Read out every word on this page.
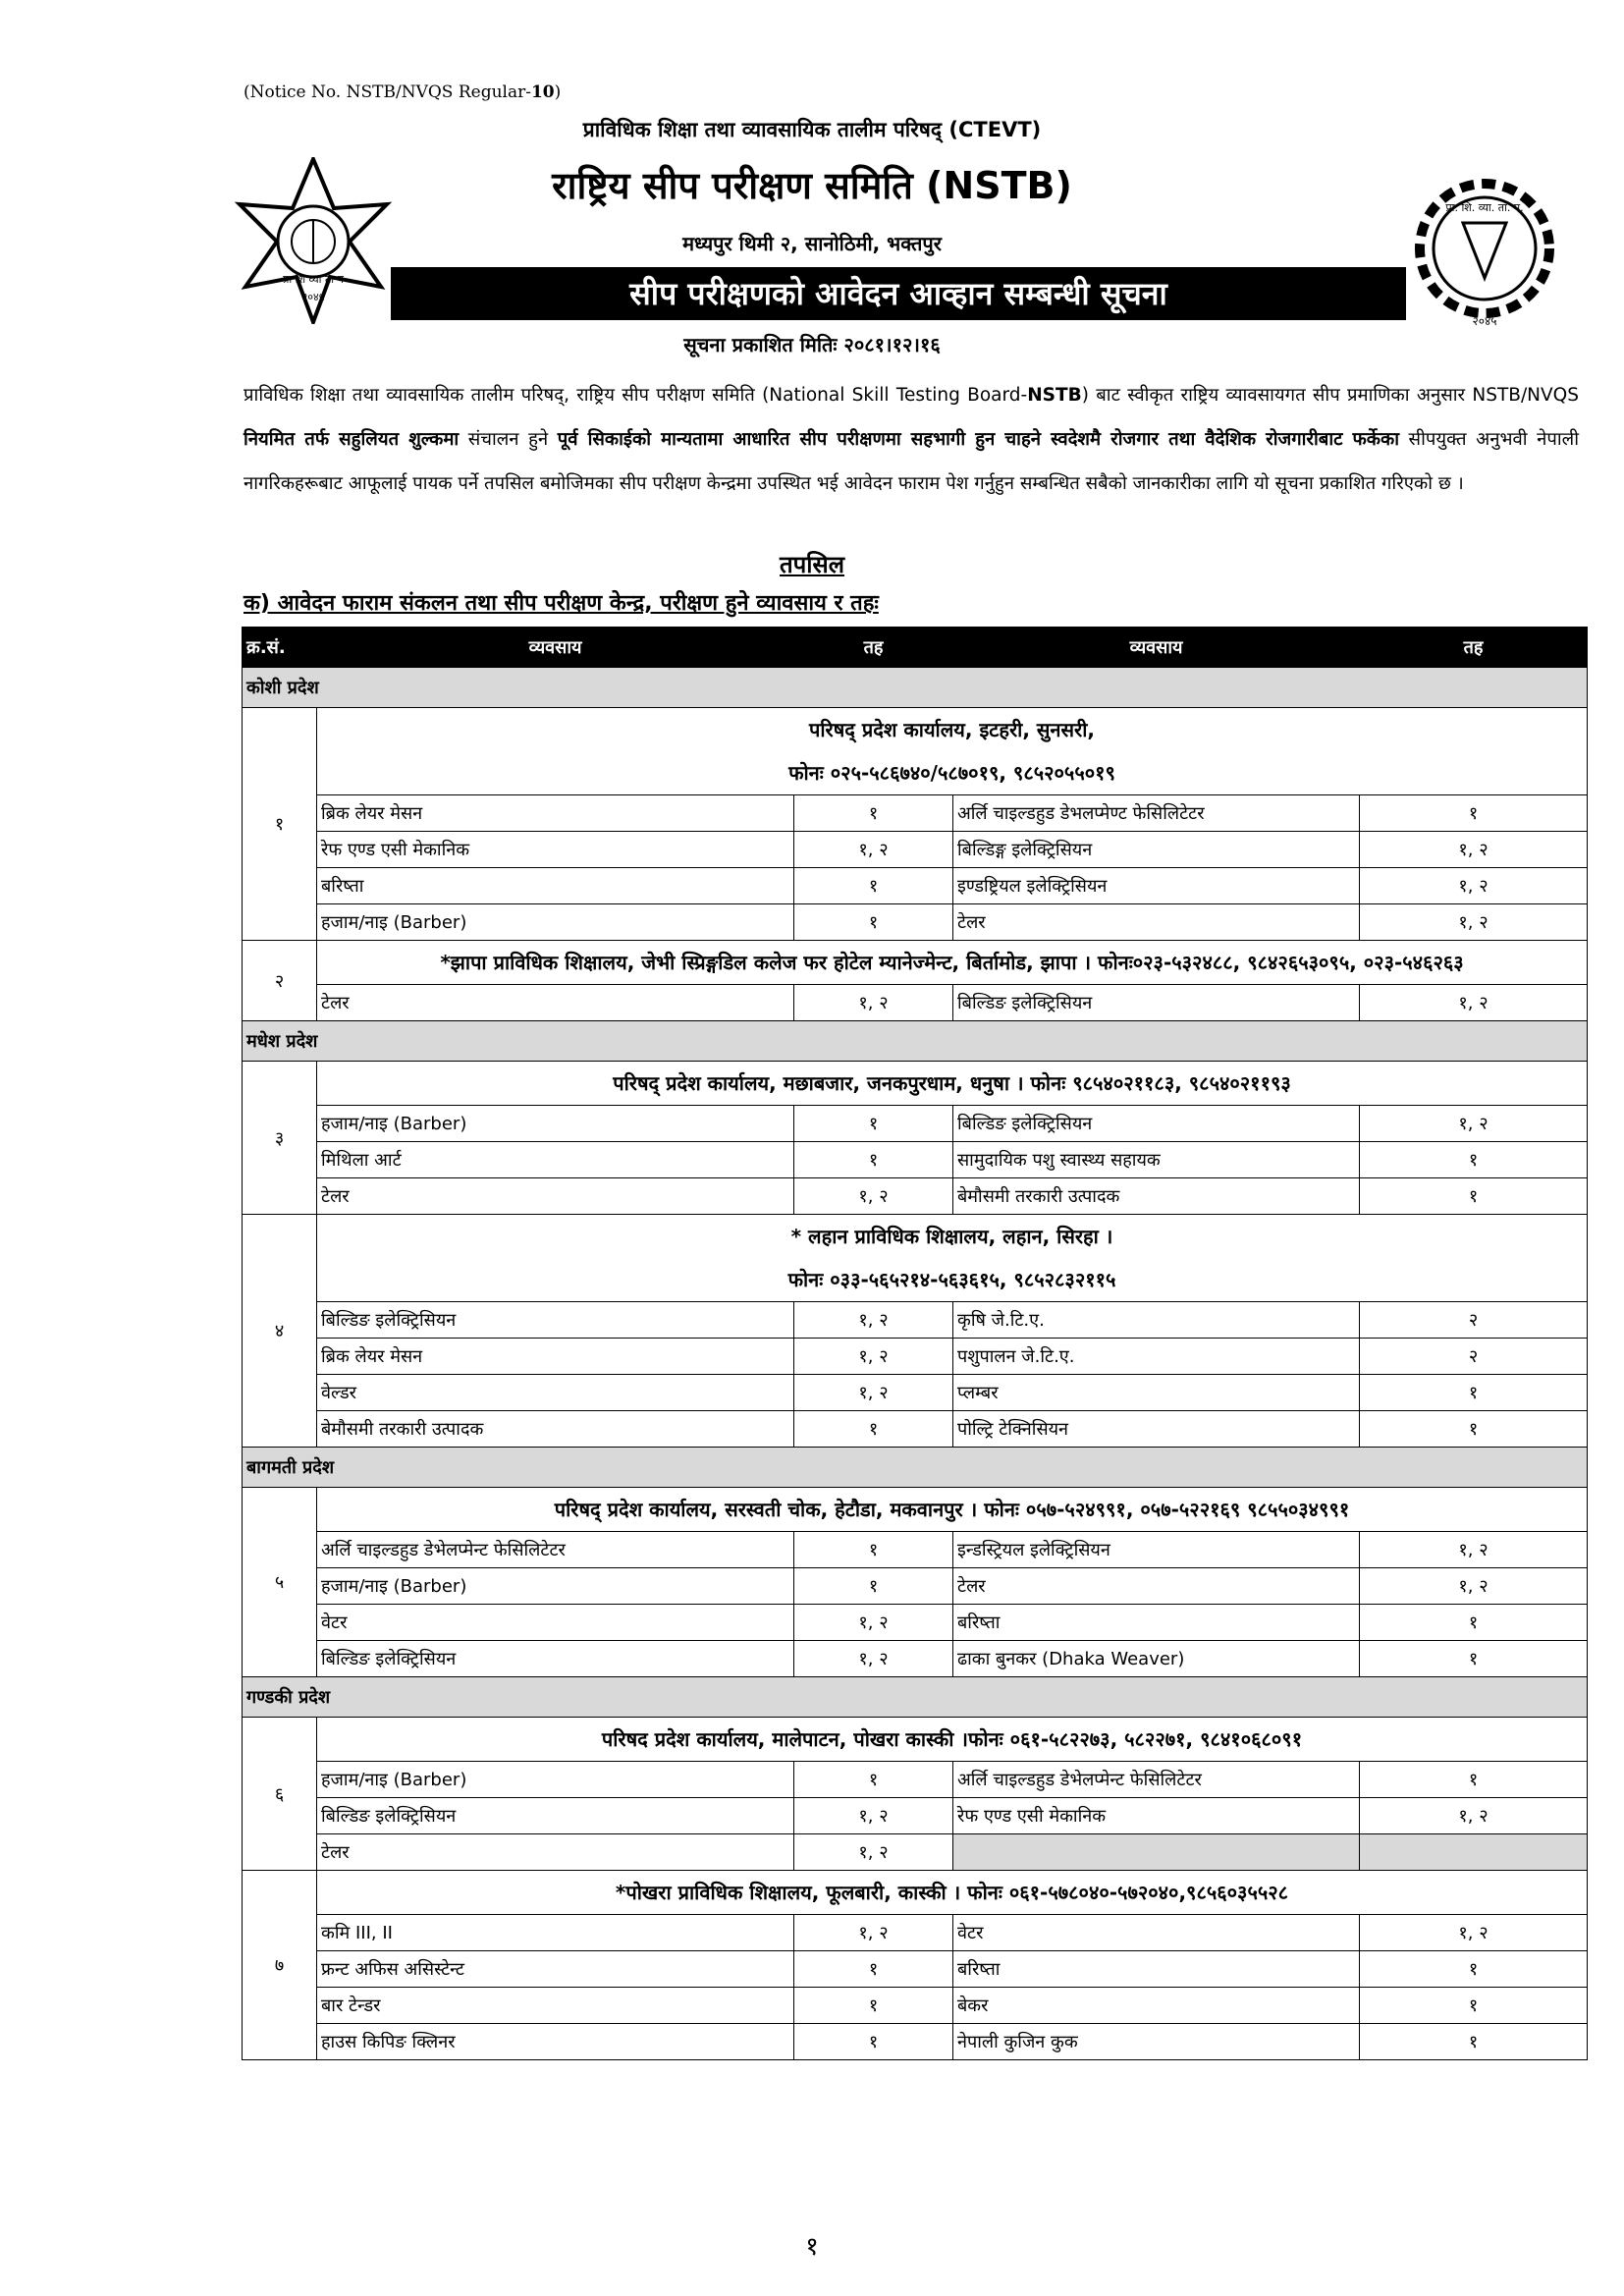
(Notice No. NSTB/NVQS Regular-10)
प्रा शि व्या ता प
२०४५
प्रा. शि. व्या. ता. प.
२०४५
प्राविधिक शिक्षा तथा व्यावसायिक तालीम परिषद् (CTEVT)
राष्ट्रिय सीप परीक्षण समिति (NSTB)
मध्यपुर थिमी २, सानोठिमी, भक्तपुर
सीप परीक्षणको आवेदन आव्हान सम्बन्धी सूचना
सूचना प्रकाशित मितिः २०८१।१२।१६
प्राविधिक शिक्षा तथा व्यावसायिक तालीम परिषद्, राष्ट्रिय सीप परीक्षण समिति (National Skill Testing Board-NSTB) बाट स्वीकृत राष्ट्रिय व्यावसायगत सीप प्रमाणिका अनुसार NSTB/NVQS नियमित तर्फ सहुलियत शुल्कमा संचालन हुने पूर्व सिकाईको मान्यतामा आधारित सीप परीक्षणमा सहभागी हुन चाहने स्वदेशमै रोजगार तथा वैदेशिक रोजगारीबाट फर्केका सीपयुक्त अनुभवी नेपाली नागरिकहरूबाट आफूलाई पायक पर्ने तपसिल बमोजिमका सीप परीक्षण केन्द्रमा उपस्थित भई आवेदन फाराम पेश गर्नुहुन सम्बन्धित सबैको जानकारीका लागि यो सूचना प्रकाशित गरिएको छ ।
तपसिल
क) आवेदन फाराम संकलन तथा सीप परीक्षण केन्द्र, परीक्षण हुने व्यावसाय र तहः
क्र.सं.	व्यवसाय	तह	व्यवसाय	तह
कोशी प्रदेश				
१	परिषद् प्रदेश कार्यालय, इटहरी, सुनसरी,
फोनः ०२५-५८६७४०/५८७०१९, ९८५२०५५०१९			

	ब्रिक लेयर मेसन	१	अर्लि चाइल्डहुड डेभलप्मेण्ट फेसिलिटेटर	१
	रेफ एण्ड एसी मेकानिक	१, २	बिल्डिङ्ग इलेक्ट्रिसियन	१, २
	बरिष्ता	१	इण्डष्ट्रियल इलेक्ट्रिसियन	१, २
	हजाम/नाइ (Barber)	१	टेलर	१, २
२	*झापा प्राविधिक शिक्षालय, जेभी स्प्रिङ्गडिल कलेज फर होटेल म्यानेज्मेन्ट, बिर्तामोड, झापा । फोनः०२३-५३२४८८, ९८४२६५३०९५, ०२३-५४६२६३			

	टेलर	१, २	बिल्डिङ इलेक्ट्रिसियन	१, २
मधेश प्रदेश				
३	परिषद् प्रदेश कार्यालय, मछाबजार, जनकपुरधाम, धनुषा । फोनः ९८५४०२११८३, ९८५४०२११९३			

	हजाम/नाइ (Barber)	१	बिल्डिङ इलेक्ट्रिसियन	१, २
	मिथिला आर्ट	१	सामुदायिक पशु स्वास्थ्य सहायक	१
	टेलर	१, २	बेमौसमी तरकारी उत्पादक	१
४	* लहान प्राविधिक शिक्षालय, लहान, सिरहा ।
फोनः ०३३-५६५२१४-५६३६१५, ९८५२८३२११५			

	बिल्डिङ इलेक्ट्रिसियन	१, २	कृषि जे.टि.ए.	२
	ब्रिक लेयर मेसन	१, २	पशुपालन जे.टि.ए.	२
	वेल्डर	१, २	प्लम्बर	१
	बेमौसमी तरकारी उत्पादक	१	पोल्ट्रि टेक्निसियन	१
बागमती प्रदेश				
५	परिषद् प्रदेश कार्यालय, सरस्वती चोक, हेटौडा, मकवानपुर । फोनः ०५७-५२४९९१, ०५७-५२२१६९ ९८५५०३४९९१			

	अर्लि चाइल्डहुड डेभेलप्मेन्ट फेसिलिटेटर	१	इन्डस्ट्रियल इलेक्ट्रिसियन	१, २
	हजाम/नाइ (Barber)	१	टेलर	१, २
	वेटर	१, २	बरिष्ता	१
	बिल्डिङ इलेक्ट्रिसियन	१, २	ढाका बुनकर (Dhaka Weaver)	१
गण्डकी प्रदेश				
६	परिषद प्रदेश कार्यालय, मालेपाटन, पोखरा कास्की ।फोनः ०६१-५८२२७३, ५८२२७१, ९८४१०६८०९१			

	हजाम/नाइ (Barber)	१	अर्लि चाइल्डहुड डेभेलप्मेन्ट फेसिलिटेटर	१
	बिल्डिङ इलेक्ट्रिसियन	१, २	रेफ एण्ड एसी मेकानिक	१, २
	टेलर	१, २		
७	*पोखरा प्राविधिक शिक्षालय, फूलबारी, कास्की । फोनः ०६१-५७८०४०-५७२०४०,९८५६०३५५२८			

	कमि III, II	१, २	वेटर	१, २
	फ्रन्ट अफिस असिस्टेन्ट	१	बरिष्ता	१
	बार टेन्डर	१	बेकर	१
	हाउस किपिङ क्लिनर	१	नेपाली कुजिन कुक	१
१
